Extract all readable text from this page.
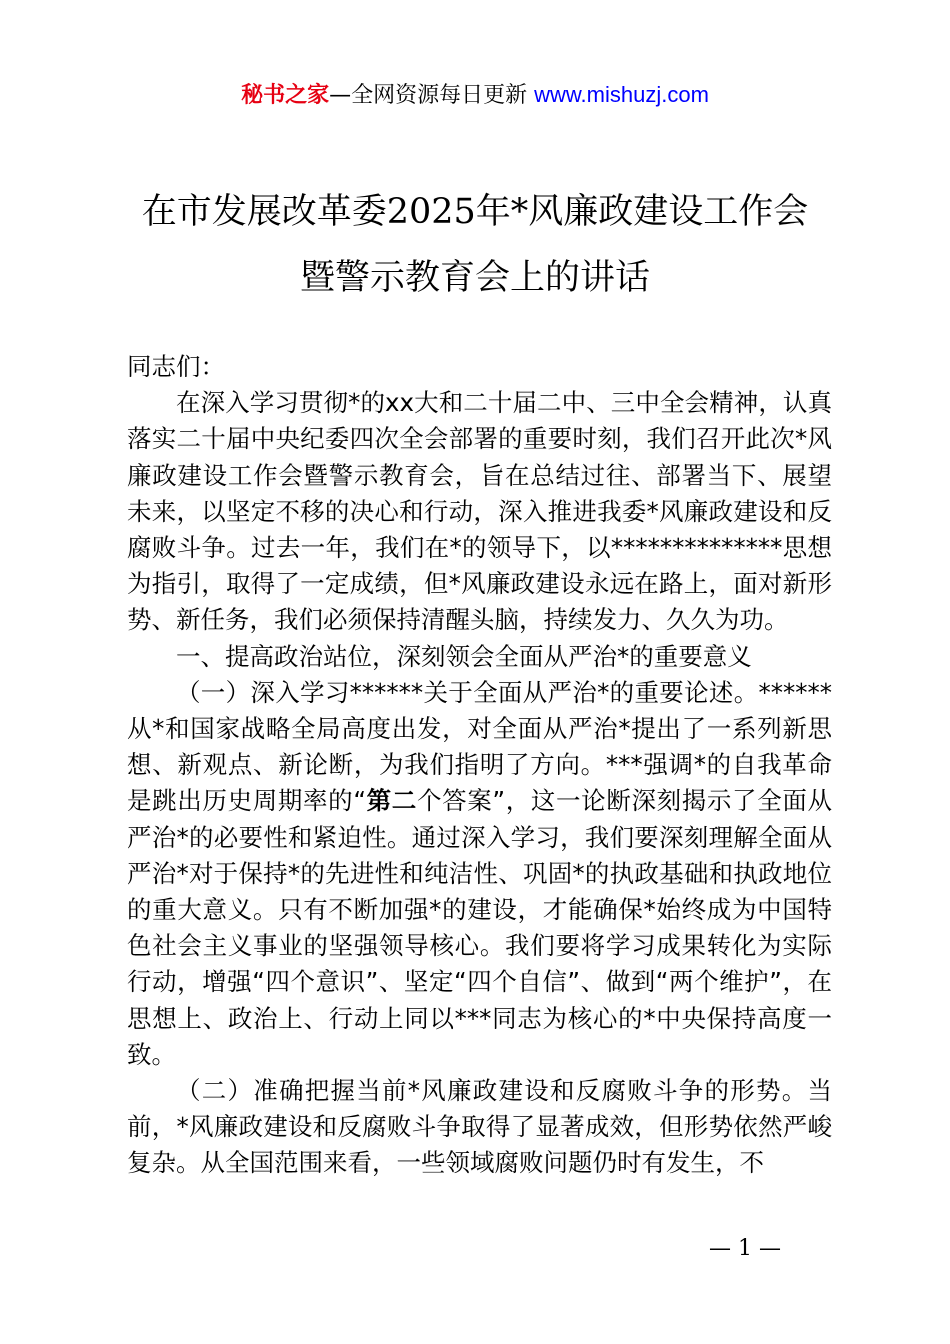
秘书之家—全网资源每日更新 www.mishuzj.com
在市发展改革委2025年*风廉政建设工作会
暨警示教育会上的讲话

同志们：

在深入学习贯彻*的xx大和二十届二中、三中全会精神，认真落实二十届中央纪委四次全会部署的重要时刻，我们召开此次*风廉政建设工作会暨警示教育会，旨在总结过往、部署当下、展望未来，以坚定不移的决心和行动，深入推进我委*风廉政建设和反腐败斗争。过去一年，我们在*的领导下，以**************思想为指引，取得了一定成绩，但*风廉政建设永远在路上，面对新形势、新任务，我们必须保持清醒头脑，持续发力、久久为功。

一、提高政治站位，深刻领会全面从严治*的重要意义

（一）深入学习******关于全面从严治*的重要论述。******从*和国家战略全局高度出发，对全面从严治*提出了一系列新思想、新观点、新论断，为我们指明了方向。***强调*的自我革命是跳出历史周期率的“第二个答案”，这一论断深刻揭示了全面从严治*的必要性和紧迫性。通过深入学习，我们要深刻理解全面从严治*对于保持*的先进性和纯洁性、巩固*的执政基础和执政地位的重大意义。只有不断加强*的建设，才能确保*始终成为中国特色社会主义事业的坚强领导核心。我们要将学习成果转化为实际行动，增强“四个意识”、坚定“四个自信”、做到“两个维护”，在思想上、政治上、行动上同以***同志为核心的*中央保持高度一致。

（二）准确把握当前*风廉政建设和反腐败斗争的形势。当前，*风廉政建设和反腐败斗争取得了显著成效，但形势依然严峻复杂。从全国范围来看，一些领域腐败问题仍时有发生，不

— 1 —
